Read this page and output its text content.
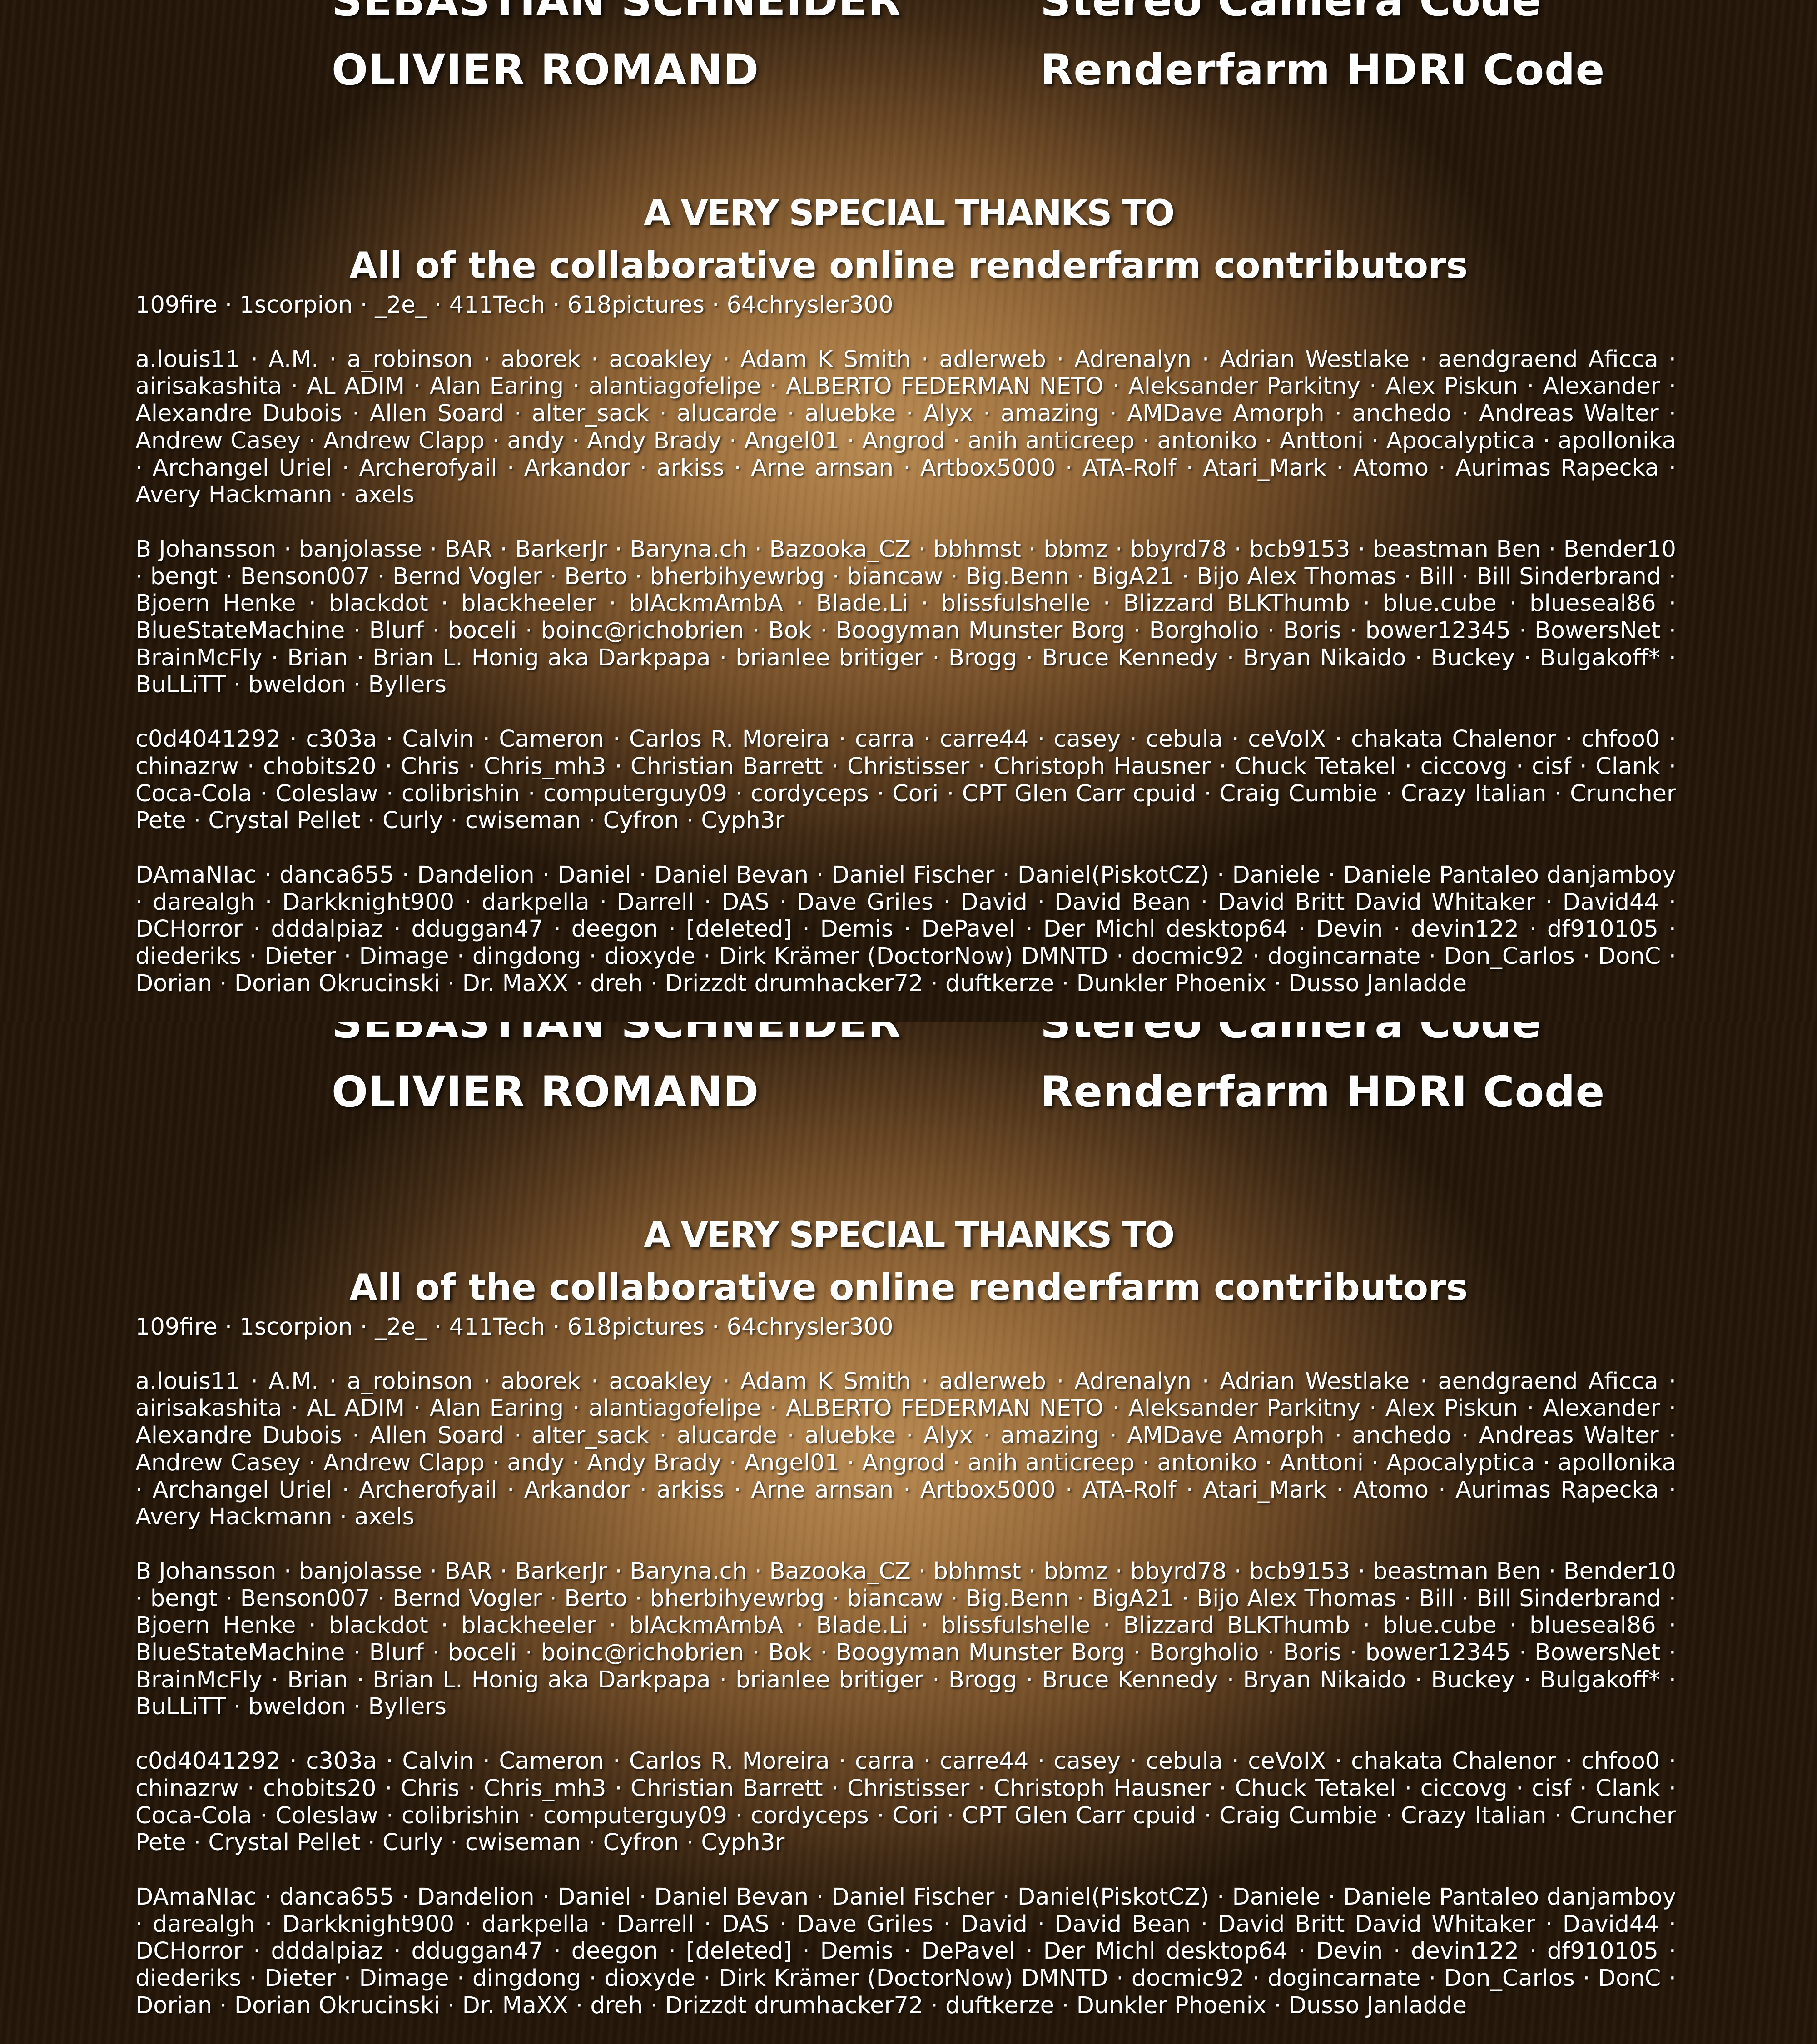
SEBASTIAN SCHNEIDER	Stereo Camera Code

OLIVIER ROMAND	Renderfarm HDRI Code

A VERY SPECIAL THANKS TO
All of the collaborative online renderfarm contributors

109fire · 1scorpion · _2e_ · 411Tech · 618pictures · 64chrysler300

a.louis11 · A.M. · a_robinson · aborek · acoakley · Adam K Smith · adlerweb · Adrenalyn · Adrian Westlake · aendgraend Aficca · airisakashita · AL ADIM · Alan Earing · alantiagofelipe · ALBERTO FEDERMAN NETO · Aleksander Parkitny · Alex Piskun · Alexander · Alexandre Dubois · Allen Soard · alter_sack · alucarde · aluebke · Alyx · amazing · AMDave Amorph · anchedo · Andreas Walter · Andrew Casey · Andrew Clapp · andy · Andy Brady · Angel01 · Angrod · anih anticreep · antoniko · Anttoni · Apocalyptica · apollonika · Archangel Uriel · Archerofyail · Arkandor · arkiss · Arne arnsan · Artbox5000 · ATA-Rolf · Atari_Mark · Atomo · Aurimas Rapecka · Avery Hackmann · axels

B Johansson · banjolasse · BAR · BarkerJr · Baryna.ch · Bazooka_CZ · bbhmst · bbmz · bbyrd78 · bcb9153 · beastman Ben · Bender10 · bengt · Benson007 · Bernd Vogler · Berto · bherbihyewrbg · biancaw · Big.Benn · BigA21 · Bijo Alex Thomas · Bill · Bill Sinderbrand · Bjoern Henke · blackdot · blackheeler · blAckmAmbA · Blade.Li · blissfulshelle · Blizzard BLKThumb · blue.cube · blueseal86 · BlueStateMachine · Blurf · boceli · boinc@richobrien · Bok · Boogyman Munster Borg · Borgholio · Boris · bower12345 · BowersNet · BrainMcFly · Brian · Brian L. Honig aka Darkpapa · brianlee britiger · Brogg · Bruce Kennedy · Bryan Nikaido · Buckey · Bulgakoff* · BuLLiTT · bweldon · Byllers

c0d4041292 · c303a · Calvin · Cameron · Carlos R. Moreira · carra · carre44 · casey · cebula · ceVoIX · chakata Chalenor · chfoo0 · chinazrw · chobits20 · Chris · Chris_mh3 · Christian Barrett · Christisser · Christoph Hausner · Chuck Tetakel · ciccovg · cisf · Clank · Coca-Cola · Coleslaw · colibrishin · computerguy09 · cordyceps · Cori · CPT Glen Carr cpuid · Craig Cumbie · Crazy Italian · Cruncher Pete · Crystal Pellet · Curly · cwiseman · Cyfron · Cyph3r

DAmaNIac · danca655 · Dandelion · Daniel · Daniel Bevan · Daniel Fischer · Daniel(PiskotCZ) · Daniele · Daniele Pantaleo danjamboy · darealgh · Darkknight900 · darkpella · Darrell · DAS · Dave Griles · David · David Bean · David Britt David Whitaker · David44 · DCHorror · dddalpiaz · dduggan47 · deegon · [deleted] · Demis · DePavel · Der Michl desktop64 · Devin · devin122 · df910105 · diederiks · Dieter · Dimage · dingdong · dioxyde · Dirk Krämer (DoctorNow) DMNTD · docmic92 · dogincarnate · Don_Carlos · DonC · Dorian · Dorian Okrucinski · Dr. MaXX · dreh · Drizzdt drumhacker72 · duftkerze · Dunkler Phoenix · Dusso Janladde

SEBASTIAN SCHNEIDER	Stereo Camera Code

OLIVIER ROMAND	Renderfarm HDRI Code

A VERY SPECIAL THANKS TO
All of the collaborative online renderfarm contributors

109fire · 1scorpion · _2e_ · 411Tech · 618pictures · 64chrysler300

a.louis11 · A.M. · a_robinson · aborek · acoakley · Adam K Smith · adlerweb · Adrenalyn · Adrian Westlake · aendgraend Aficca · airisakashita · AL ADIM · Alan Earing · alantiagofelipe · ALBERTO FEDERMAN NETO · Aleksander Parkitny · Alex Piskun · Alexander · Alexandre Dubois · Allen Soard · alter_sack · alucarde · aluebke · Alyx · amazing · AMDave Amorph · anchedo · Andreas Walter · Andrew Casey · Andrew Clapp · andy · Andy Brady · Angel01 · Angrod · anih anticreep · antoniko · Anttoni · Apocalyptica · apollonika · Archangel Uriel · Archerofyail · Arkandor · arkiss · Arne arnsan · Artbox5000 · ATA-Rolf · Atari_Mark · Atomo · Aurimas Rapecka · Avery Hackmann · axels

B Johansson · banjolasse · BAR · BarkerJr · Baryna.ch · Bazooka_CZ · bbhmst · bbmz · bbyrd78 · bcb9153 · beastman Ben · Bender10 · bengt · Benson007 · Bernd Vogler · Berto · bherbihyewrbg · biancaw · Big.Benn · BigA21 · Bijo Alex Thomas · Bill · Bill Sinderbrand · Bjoern Henke · blackdot · blackheeler · blAckmAmbA · Blade.Li · blissfulshelle · Blizzard BLKThumb · blue.cube · blueseal86 · BlueStateMachine · Blurf · boceli · boinc@richobrien · Bok · Boogyman Munster Borg · Borgholio · Boris · bower12345 · BowersNet · BrainMcFly · Brian · Brian L. Honig aka Darkpapa · brianlee britiger · Brogg · Bruce Kennedy · Bryan Nikaido · Buckey · Bulgakoff* · BuLLiTT · bweldon · Byllers

c0d4041292 · c303a · Calvin · Cameron · Carlos R. Moreira · carra · carre44 · casey · cebula · ceVoIX · chakata Chalenor · chfoo0 · chinazrw · chobits20 · Chris · Chris_mh3 · Christian Barrett · Christisser · Christoph Hausner · Chuck Tetakel · ciccovg · cisf · Clank · Coca-Cola · Coleslaw · colibrishin · computerguy09 · cordyceps · Cori · CPT Glen Carr cpuid · Craig Cumbie · Crazy Italian · Cruncher Pete · Crystal Pellet · Curly · cwiseman · Cyfron · Cyph3r

DAmaNIac · danca655 · Dandelion · Daniel · Daniel Bevan · Daniel Fischer · Daniel(PiskotCZ) · Daniele · Daniele Pantaleo danjamboy · darealgh · Darkknight900 · darkpella · Darrell · DAS · Dave Griles · David · David Bean · David Britt David Whitaker · David44 · DCHorror · dddalpiaz · dduggan47 · deegon · [deleted] · Demis · DePavel · Der Michl desktop64 · Devin · devin122 · df910105 · diederiks · Dieter · Dimage · dingdong · dioxyde · Dirk Krämer (DoctorNow) DMNTD · docmic92 · dogincarnate · Don_Carlos · DonC · Dorian · Dorian Okrucinski · Dr. MaXX · dreh · Drizzdt drumhacker72 · duftkerze · Dunkler Phoenix · Dusso Janladde
